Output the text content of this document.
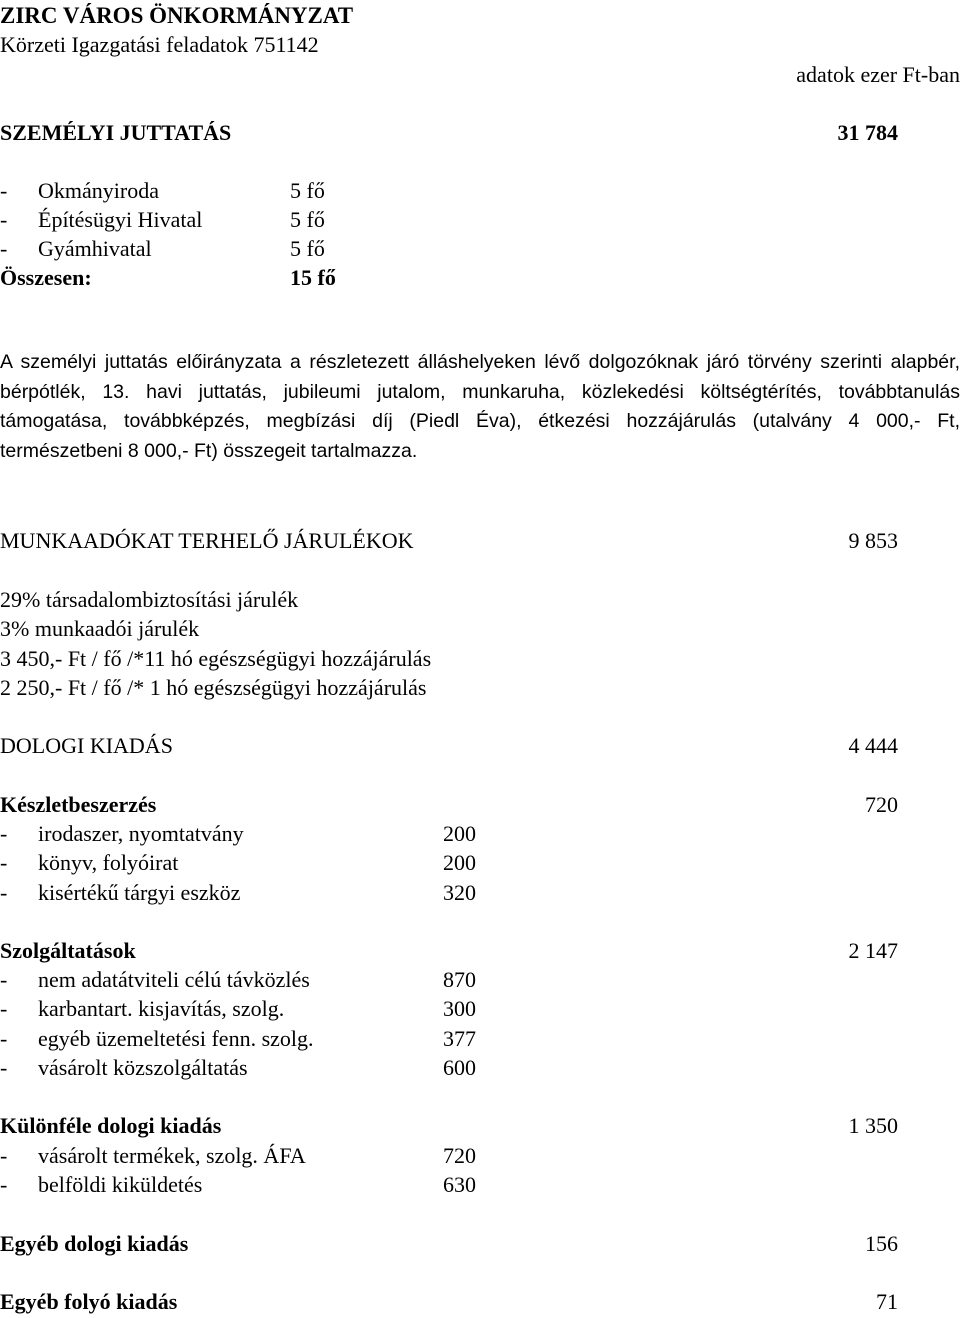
ZIRC VÁROS ÖNKORMÁNYZAT
Körzeti Igazgatási feladatok 751142
adatok ezer Ft-ban
SZEMÉLYI JUTTATÁS	31 784
- Okmányiroda	5 fő
- Építésügyi Hivatal	5 fő
- Gyámhivatal	5 fő
Összesen:	15 fő
A személyi juttatás előirányzata a részletezett álláshelyeken lévő dolgozóknak járó törvény szerinti alapbér, bérpótlék, 13. havi juttatás, jubileumi jutalom, munkaruha, közlekedési költségtérítés, továbbtanulás támogatása, továbbképzés, megbízási díj (Piedl Éva), étkezési hozzájárulás (utalvány 4 000,- Ft, természetbeni 8 000,- Ft) összegeit tartalmazza.
MUNKAADÓKAT TERHELŐ JÁRULÉKOK	9 853
29% társadalombiztosítási járulék
3% munkaadói járulék
3 450,- Ft / fő /*11 hó egészségügyi hozzájárulás
2 250,- Ft / fő /* 1 hó egészségügyi hozzájárulás
DOLOGI KIADÁS	4 444
Készletbeszerzés	720
- irodaszer, nyomtatvány	200
- könyv, folyóirat	200
- kisértékű tárgyi eszköz	320
Szolgáltatások	2 147
- nem adatátviteli célú távközlés	870
- karbantart. kisjavítás, szolg.	300
- egyéb üzemeltetési fenn. szolg.	377
- vásárolt közszolgáltatás	600
Különféle dologi kiadás	1 350
- vásárolt termékek, szolg. ÁFA	720
- belföldi kiküldetés	630
Egyéb dologi kiadás	156
Egyéb folyó kiadás	71
